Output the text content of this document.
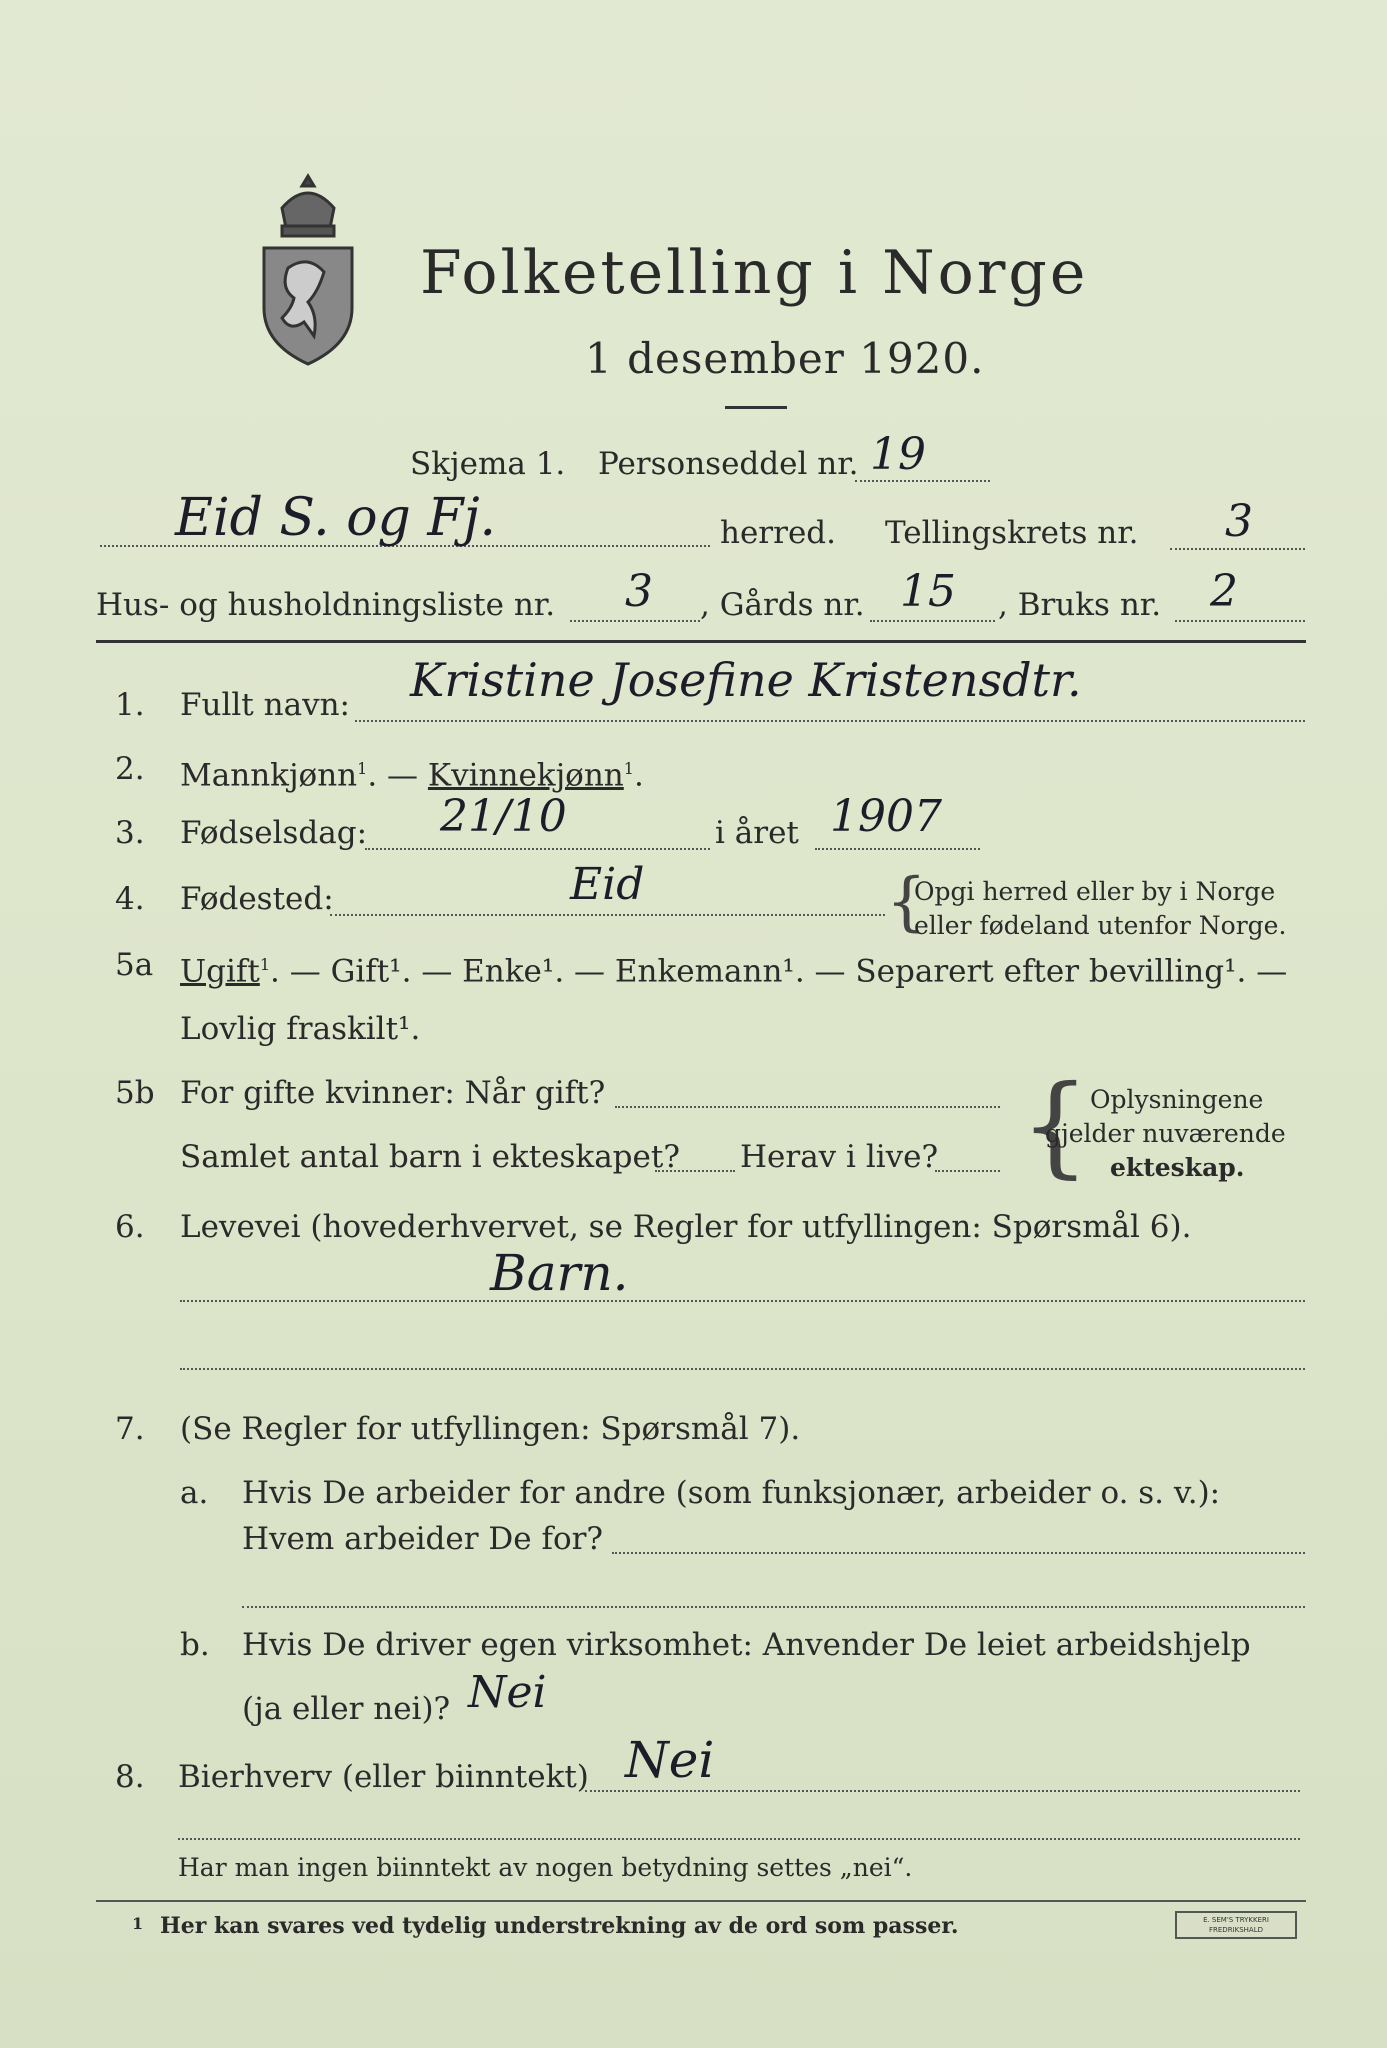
Folketelling i Norge
1 desember 1920.
Skjema 1. Personseddel nr. 19
Eid S. og Fj.	herred. Tellingskrets nr. 3
Hus- og husholdningsliste nr. 3 , Gårds nr. 15 , Bruks nr. 2
1. Fullt navn: Kristine Josefine Kristensdtr.
2. Mannkjønn$^1$. — Kvinnekjønn$^1$.
3. Fødselsdag: 21/10	i året 1907
4. Fødested:	Eid	{
Opgi herred eller by i Norge
eller fødeland utenfor Norge.
5a Ugift$^1$. — Gift¹. — Enke¹. — Enkemann¹. — Separert efter bevilling¹. —
Lovlig fraskilt¹.
5b For gifte kvinner: Når gift?
Samlet antal barn i ekteskapet? Herav i live? { Oplysningene
gjelder nuværende
ekteskap.
6. Levevei (hovederhvervet, se Regler for utfyllingen: Spørsmål 6).
Barn.
7. (Se Regler for utfyllingen: Spørsmål 7).
a. Hvis De arbeider for andre (som funksjonær, arbeider o. s. v.):
Hvem arbeider De for?
b. Hvis De driver egen virksomhet: Anvender De leiet arbeidshjelp
(ja eller nei)? Nei
8. Bierhverv (eller biinntekt) Nei
Har man ingen biinntekt av nogen betydning settes „nei“.
1 Her kan svares ved tydelig understrekning av de ord som passer.	E. SEM'S TRYKKERI FREDRIKSHALD
